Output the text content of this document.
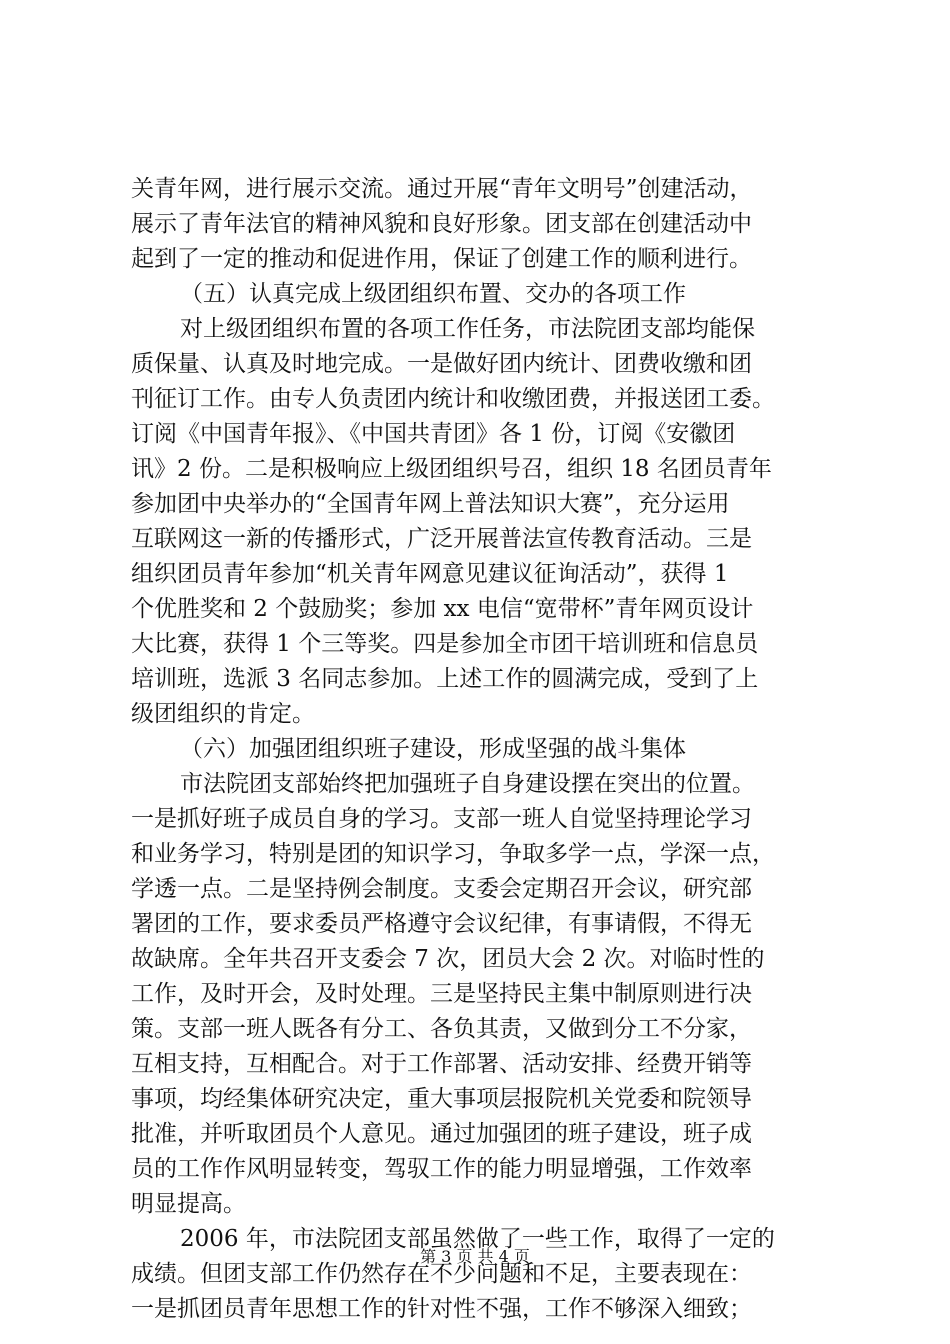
关青年网，进行展示交流。通过开展“青年文明号”创建活动，
展示了青年法官的精神风貌和良好形象。团支部在创建活动中
起到了一定的推动和促进作用，保证了创建工作的顺利进行。
（五）认真完成上级团组织布置、交办的各项工作
对上级团组织布置的各项工作任务，市法院团支部均能保
质保量、认真及时地完成。一是做好团内统计、团费收缴和团
刊征订工作。由专人负责团内统计和收缴团费，并报送团工委。
订阅《中国青年报》、《中国共青团》各 1 份，订阅《安徽团
讯》2 份。二是积极响应上级团组织号召，组织 18 名团员青年
参加团中央举办的“全国青年网上普法知识大赛”，充分运用
互联网这一新的传播形式，广泛开展普法宣传教育活动。三是
组织团员青年参加“机关青年网意见建议征询活动”，获得 1
个优胜奖和 2 个鼓励奖；参加 xx 电信“宽带杯”青年网页设计
大比赛，获得 1 个三等奖。四是参加全市团干培训班和信息员
培训班，选派 3 名同志参加。上述工作的圆满完成，受到了上
级团组织的肯定。
（六）加强团组织班子建设，形成坚强的战斗集体
市法院团支部始终把加强班子自身建设摆在突出的位置。
一是抓好班子成员自身的学习。支部一班人自觉坚持理论学习
和业务学习，特别是团的知识学习，争取多学一点，学深一点，
学透一点。二是坚持例会制度。支委会定期召开会议，研究部
署团的工作，要求委员严格遵守会议纪律，有事请假，不得无
故缺席。全年共召开支委会 7 次，团员大会 2 次。对临时性的
工作，及时开会，及时处理。三是坚持民主集中制原则进行决
策。支部一班人既各有分工、各负其责，又做到分工不分家，
互相支持，互相配合。对于工作部署、活动安排、经费开销等
事项，均经集体研究决定，重大事项层报院机关党委和院领导
批准，并听取团员个人意见。通过加强团的班子建设，班子成
员的工作作风明显转变，驾驭工作的能力明显增强，工作效率
明显提高。
2006 年，市法院团支部虽然做了一些工作，取得了一定的
成绩。但团支部工作仍然存在不少问题和不足，主要表现在：
一是抓团员青年思想工作的针对性不强，工作不够深入细致；
第 3 页 共 4 页
